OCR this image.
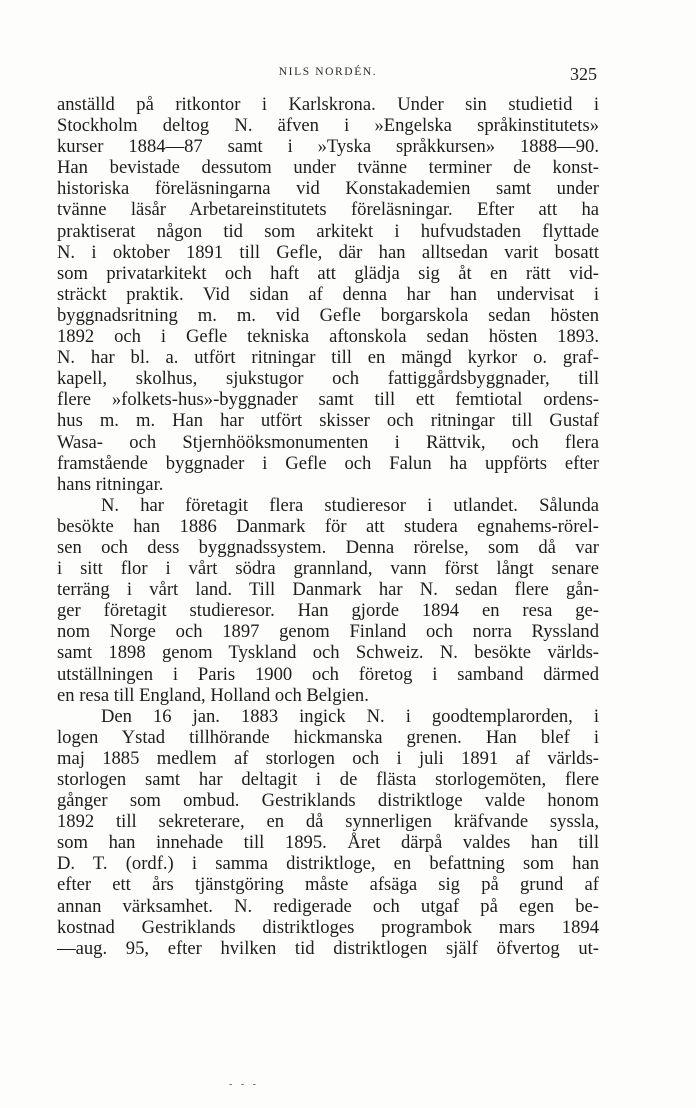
NILS NORDÉN.	325
anställd på ritkontor i Karlskrona. Under sin studietid i
Stockholm deltog N. äfven i »Engelska språkinstitutets»
kurser 1884—87 samt i »Tyska språkkursen» 1888—90.
Han bevistade dessutom under tvänne terminer de konst-
historiska föreläsningarna vid Konstakademien samt under
tvänne läsår Arbetareinstitutets föreläsningar. Efter att ha
praktiserat någon tid som arkitekt i hufvudstaden flyttade
N. i oktober 1891 till Gefle, där han alltsedan varit bosatt
som privatarkitekt och haft att glädja sig åt en rätt vid-
sträckt praktik. Vid sidan af denna har han undervisat i
byggnadsritning m. m. vid Gefle borgarskola sedan hösten
1892 och i Gefle tekniska aftonskola sedan hösten 1893.
N. har bl. a. utfört ritningar till en mängd kyrkor o. graf-
kapell, skolhus, sjukstugor och fattiggårdsbyggnader, till
flere »folkets-hus»-byggnader samt till ett femtiotal ordens-
hus m. m. Han har utfört skisser och ritningar till Gustaf
Wasa- och Stjernhööksmonumenten i Rättvik, och flera
framstående byggnader i Gefle och Falun ha uppförts efter
hans ritningar.
N. har företagit flera studieresor i utlandet. Sålunda
besökte han 1886 Danmark för att studera egnahems-rörel-
sen och dess byggnadssystem. Denna rörelse, som då var
i sitt flor i vårt södra grannland, vann först långt senare
terräng i vårt land. Till Danmark har N. sedan flere gån-
ger företagit studieresor. Han gjorde 1894 en resa ge-
nom Norge och 1897 genom Finland och norra Ryssland
samt 1898 genom Tyskland och Schweiz. N. besökte världs-
utställningen i Paris 1900 och företog i samband därmed
en resa till England, Holland och Belgien.
Den 16 jan. 1883 ingick N. i goodtemplarorden, i
logen Ystad tillhörande hickmanska grenen. Han blef i
maj 1885 medlem af storlogen och i juli 1891 af världs-
storlogen samt har deltagit i de flästa storlogemöten, flere
gånger som ombud. Gestriklands distriktloge valde honom
1892 till sekreterare, en då synnerligen kräfvande syssla,
som han innehade till 1895. Året därpå valdes han till
D. T. (ordf.) i samma distriktloge, en befattning som han
efter ett års tjänstgöring måste afsäga sig på grund af
annan värksamhet. N. redigerade och utgaf på egen be-
kostnad Gestriklands distriktloges programbok mars 1894
—aug. 95, efter hvilken tid distriktlogen själf öfvertog ut-
- - -
